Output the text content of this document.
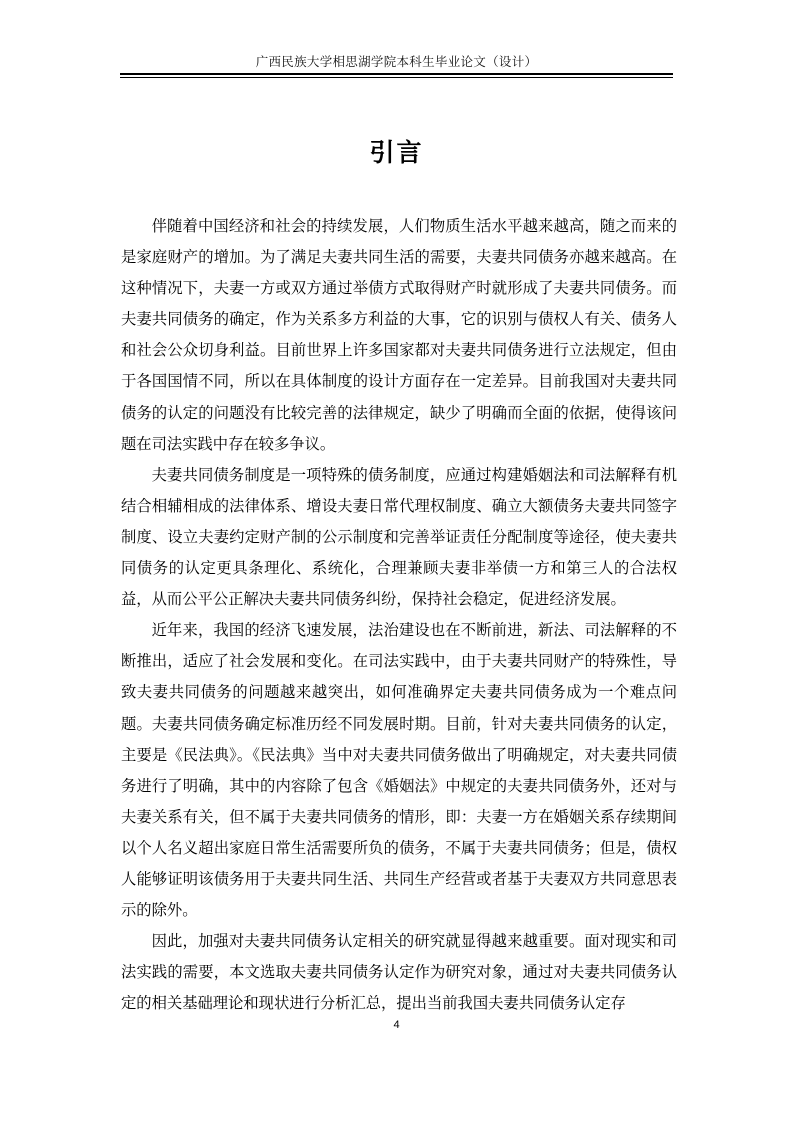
广西民族大学相思湖学院本科生毕业论文（设计）
引言

伴随着中国经济和社会的持续发展，人们物质生活水平越来越高，随之而来的是家庭财产的增加。为了满足夫妻共同生活的需要，夫妻共同债务亦越来越高。在这种情况下，夫妻一方或双方通过举债方式取得财产时就形成了夫妻共同债务。而夫妻共同债务的确定，作为关系多方利益的大事，它的识别与债权人有关、债务人和社会公众切身利益。目前世界上许多国家都对夫妻共同债务进行立法规定，但由于各国国情不同，所以在具体制度的设计方面存在一定差异。目前我国对夫妻共同债务的认定的问题没有比较完善的法律规定，缺少了明确而全面的依据，使得该问题在司法实践中存在较多争议。

夫妻共同债务制度是一项特殊的债务制度，应通过构建婚姻法和司法解释有机结合相辅相成的法律体系、增设夫妻日常代理权制度、确立大额债务夫妻共同签字制度、设立夫妻约定财产制的公示制度和完善举证责任分配制度等途径，使夫妻共同债务的认定更具条理化、系统化，合理兼顾夫妻非举债一方和第三人的合法权益，从而公平公正解决夫妻共同债务纠纷，保持社会稳定，促进经济发展。

近年来，我国的经济飞速发展，法治建设也在不断前进，新法、司法解释的不断推出，适应了社会发展和变化。在司法实践中，由于夫妻共同财产的特殊性，导致夫妻共同债务的问题越来越突出，如何准确界定夫妻共同债务成为一个难点问题。夫妻共同债务确定标准历经不同发展时期。目前，针对夫妻共同债务的认定，主要是《民法典》。《民法典》当中对夫妻共同债务做出了明确规定，对夫妻共同债务进行了明确，其中的内容除了包含《婚姻法》中规定的夫妻共同债务外，还对与夫妻关系有关，但不属于夫妻共同债务的情形，即：夫妻一方在婚姻关系存续期间以个人名义超出家庭日常生活需要所负的债务，不属于夫妻共同债务；但是，债权人能够证明该债务用于夫妻共同生活、共同生产经营或者基于夫妻双方共同意思表示的除外。

因此，加强对夫妻共同债务认定相关的研究就显得越来越重要。面对现实和司法实践的需要，本文选取夫妻共同债务认定作为研究对象，通过对夫妻共同债务认定的相关基础理论和现状进行分析汇总，提出当前我国夫妻共同债务认定存

4
